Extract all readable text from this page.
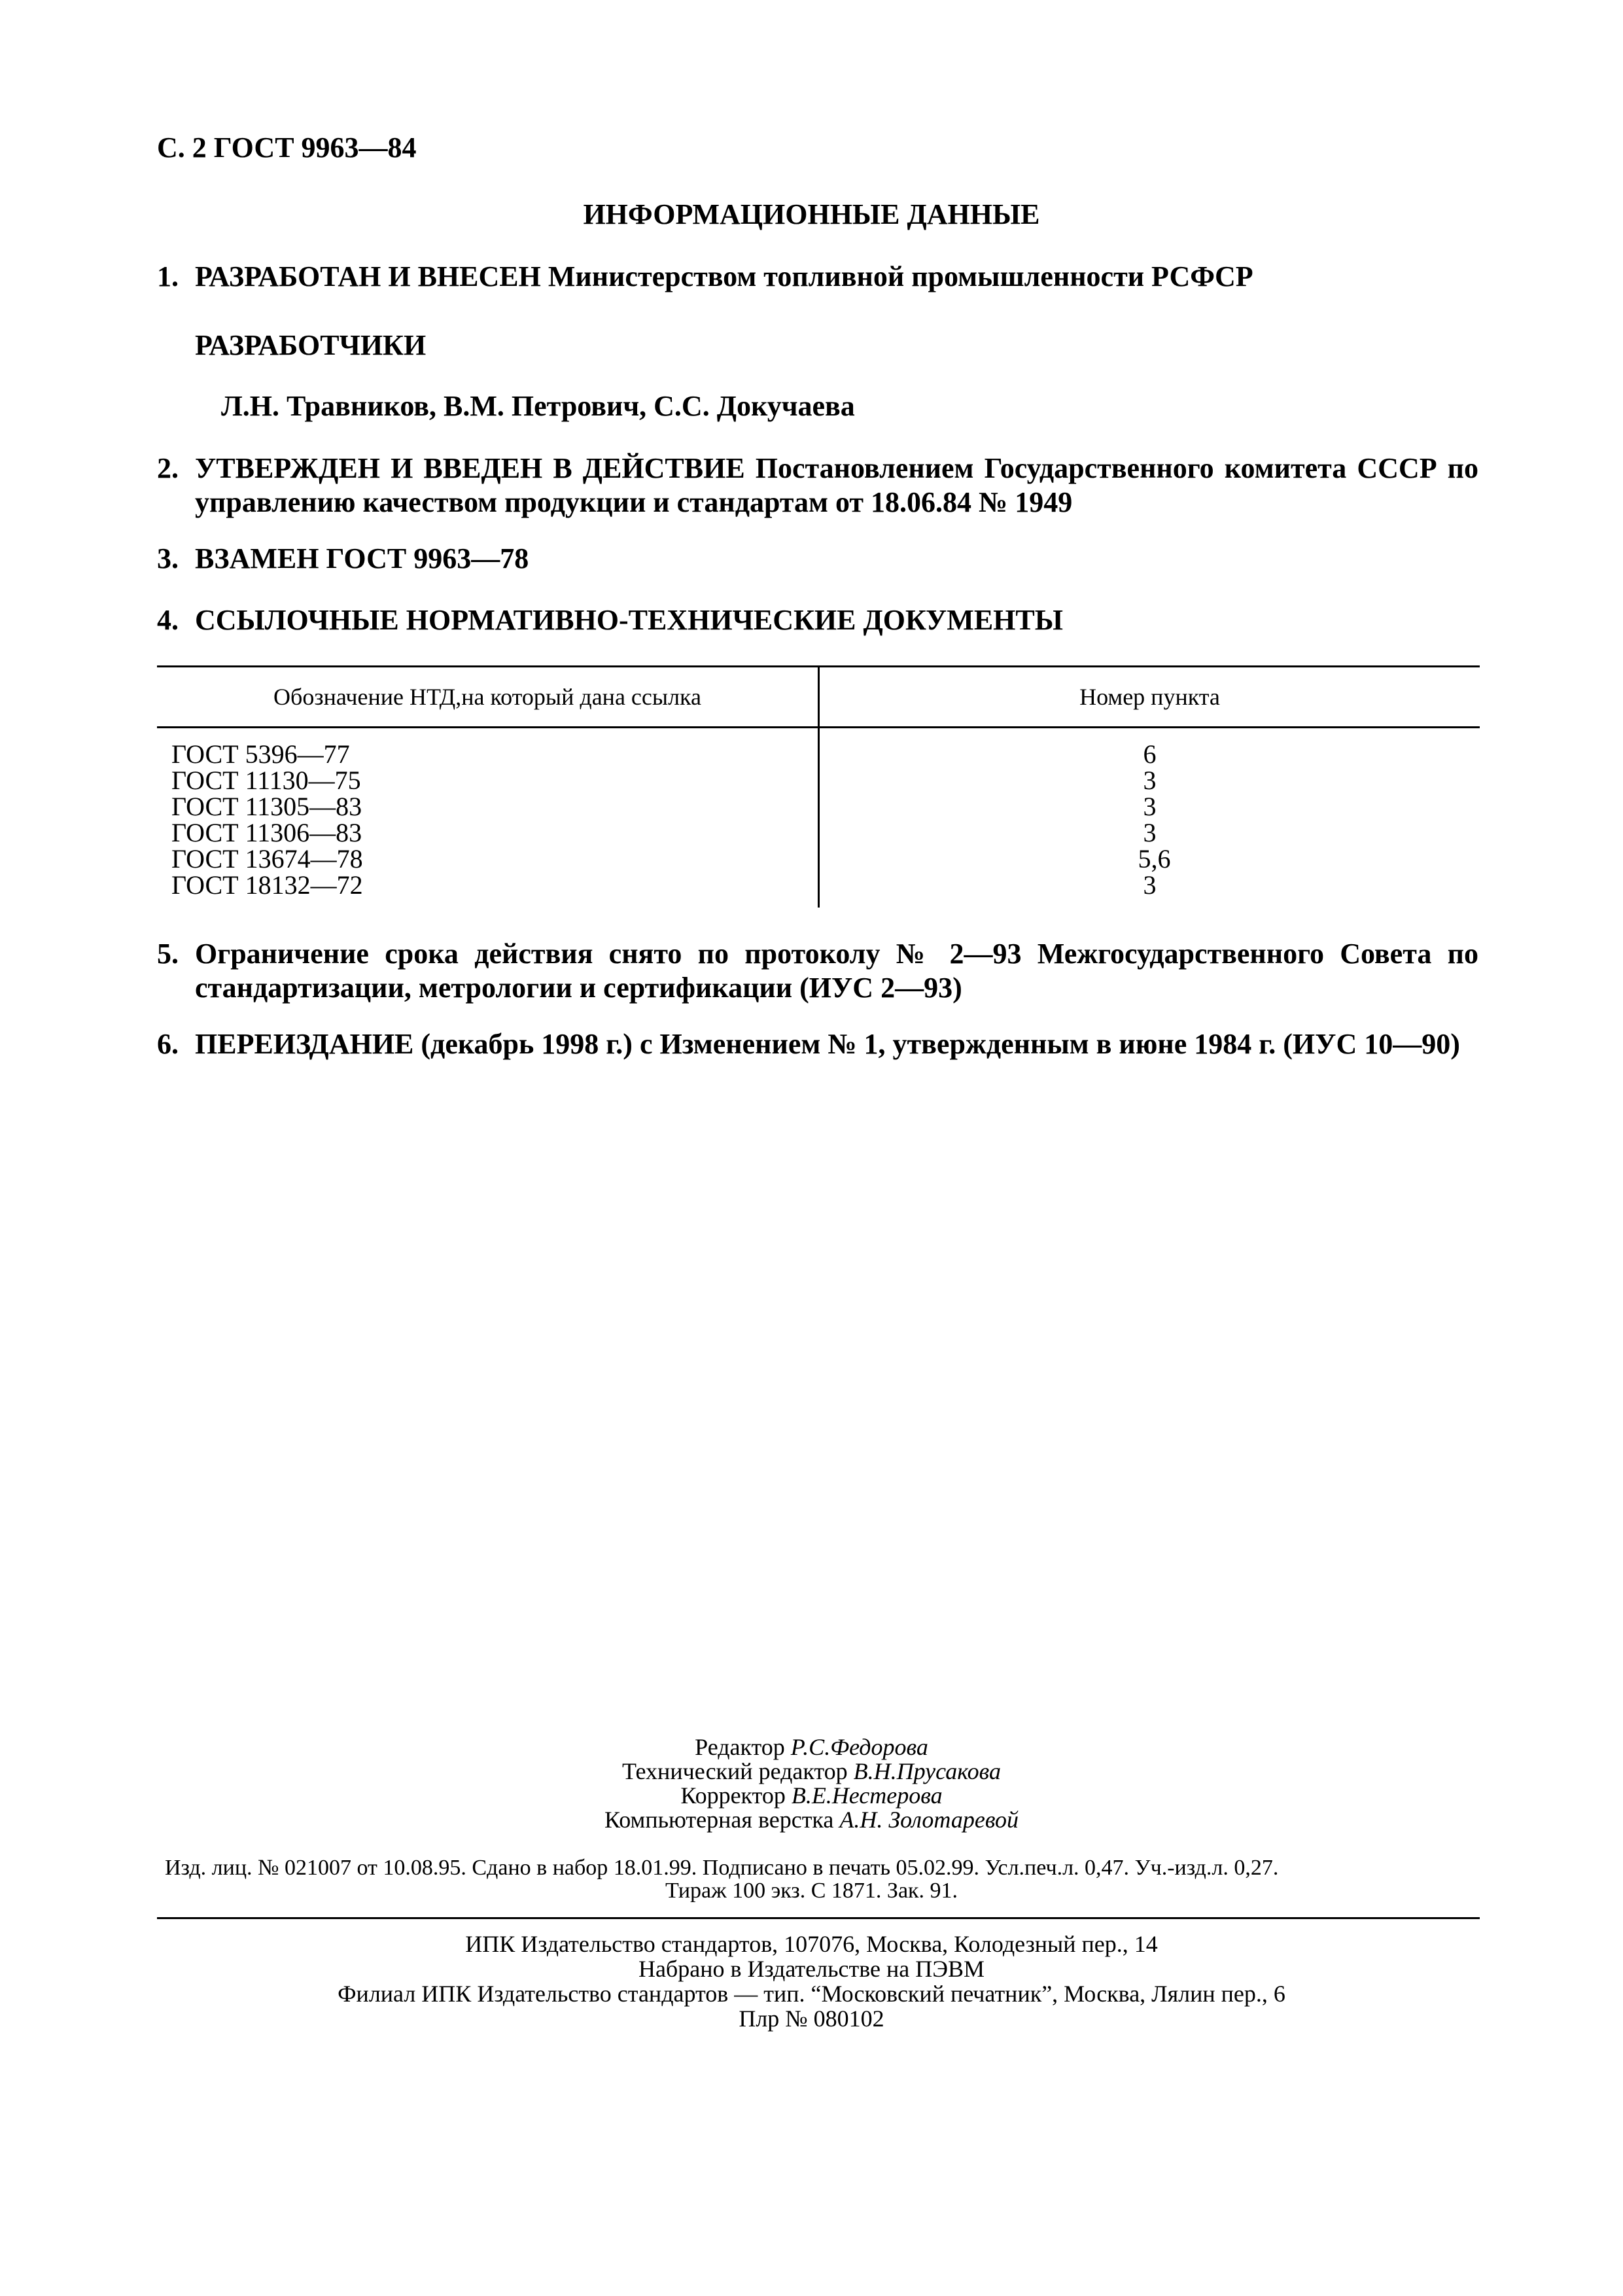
С. 2 ГОСТ 9963—84
ИНФОРМАЦИОННЫЕ ДАННЫЕ
1. РАЗРАБОТАН И ВНЕСЕН Министерством топливной промышленности РСФСР
РАЗРАБОТЧИКИ
Л.Н. Травников, В.М. Петрович, С.С. Докучаева
2. УТВЕРЖДЕН И ВВЕДЕН В ДЕЙСТВИЕ Постановлением Государственного комитета СССР по управлению качеством продукции и стандартам от 18.06.84 № 1949
3. ВЗАМЕН ГОСТ 9963—78
4. ССЫЛОЧНЫЕ НОРМАТИВНО-ТЕХНИЧЕСКИЕ ДОКУМЕНТЫ
Обозначение НТД,на который дана ссылка	Номер пункта
ГОСТ 5396—77	6
ГОСТ 11130—75	3
ГОСТ 11305—83	3
ГОСТ 11306—83	3
ГОСТ 13674—78	5,6
ГОСТ 18132—72	3
5. Ограничение срока действия снято по протоколу № 2—93 Межгосударственного Совета по стандартизации, метрологии и сертификации (ИУС 2—93)
6. ПЕРЕИЗДАНИЕ (декабрь 1998 г.) с Изменением № 1, утвержденным в июне 1984 г. (ИУС 10—90)
Редактор Р.С.Федорова
Технический редактор В.Н.Прусакова
Корректор В.Е.Нестерова
Компьютерная верстка А.Н. Золотаревой
Изд. лиц. № 021007 от 10.08.95. Сдано в набор 18.01.99. Подписано в печать 05.02.99. Усл.печ.л. 0,47. Уч.-изд.л. 0,27.
Тираж 100 экз. С 1871. Зак. 91.
ИПК Издательство стандартов, 107076, Москва, Колодезный пер., 14
Набрано в Издательстве на ПЭВМ
Филиал ИПК Издательство стандартов — тип. “Московский печатник”, Москва, Лялин пер., 6
Плр № 080102
